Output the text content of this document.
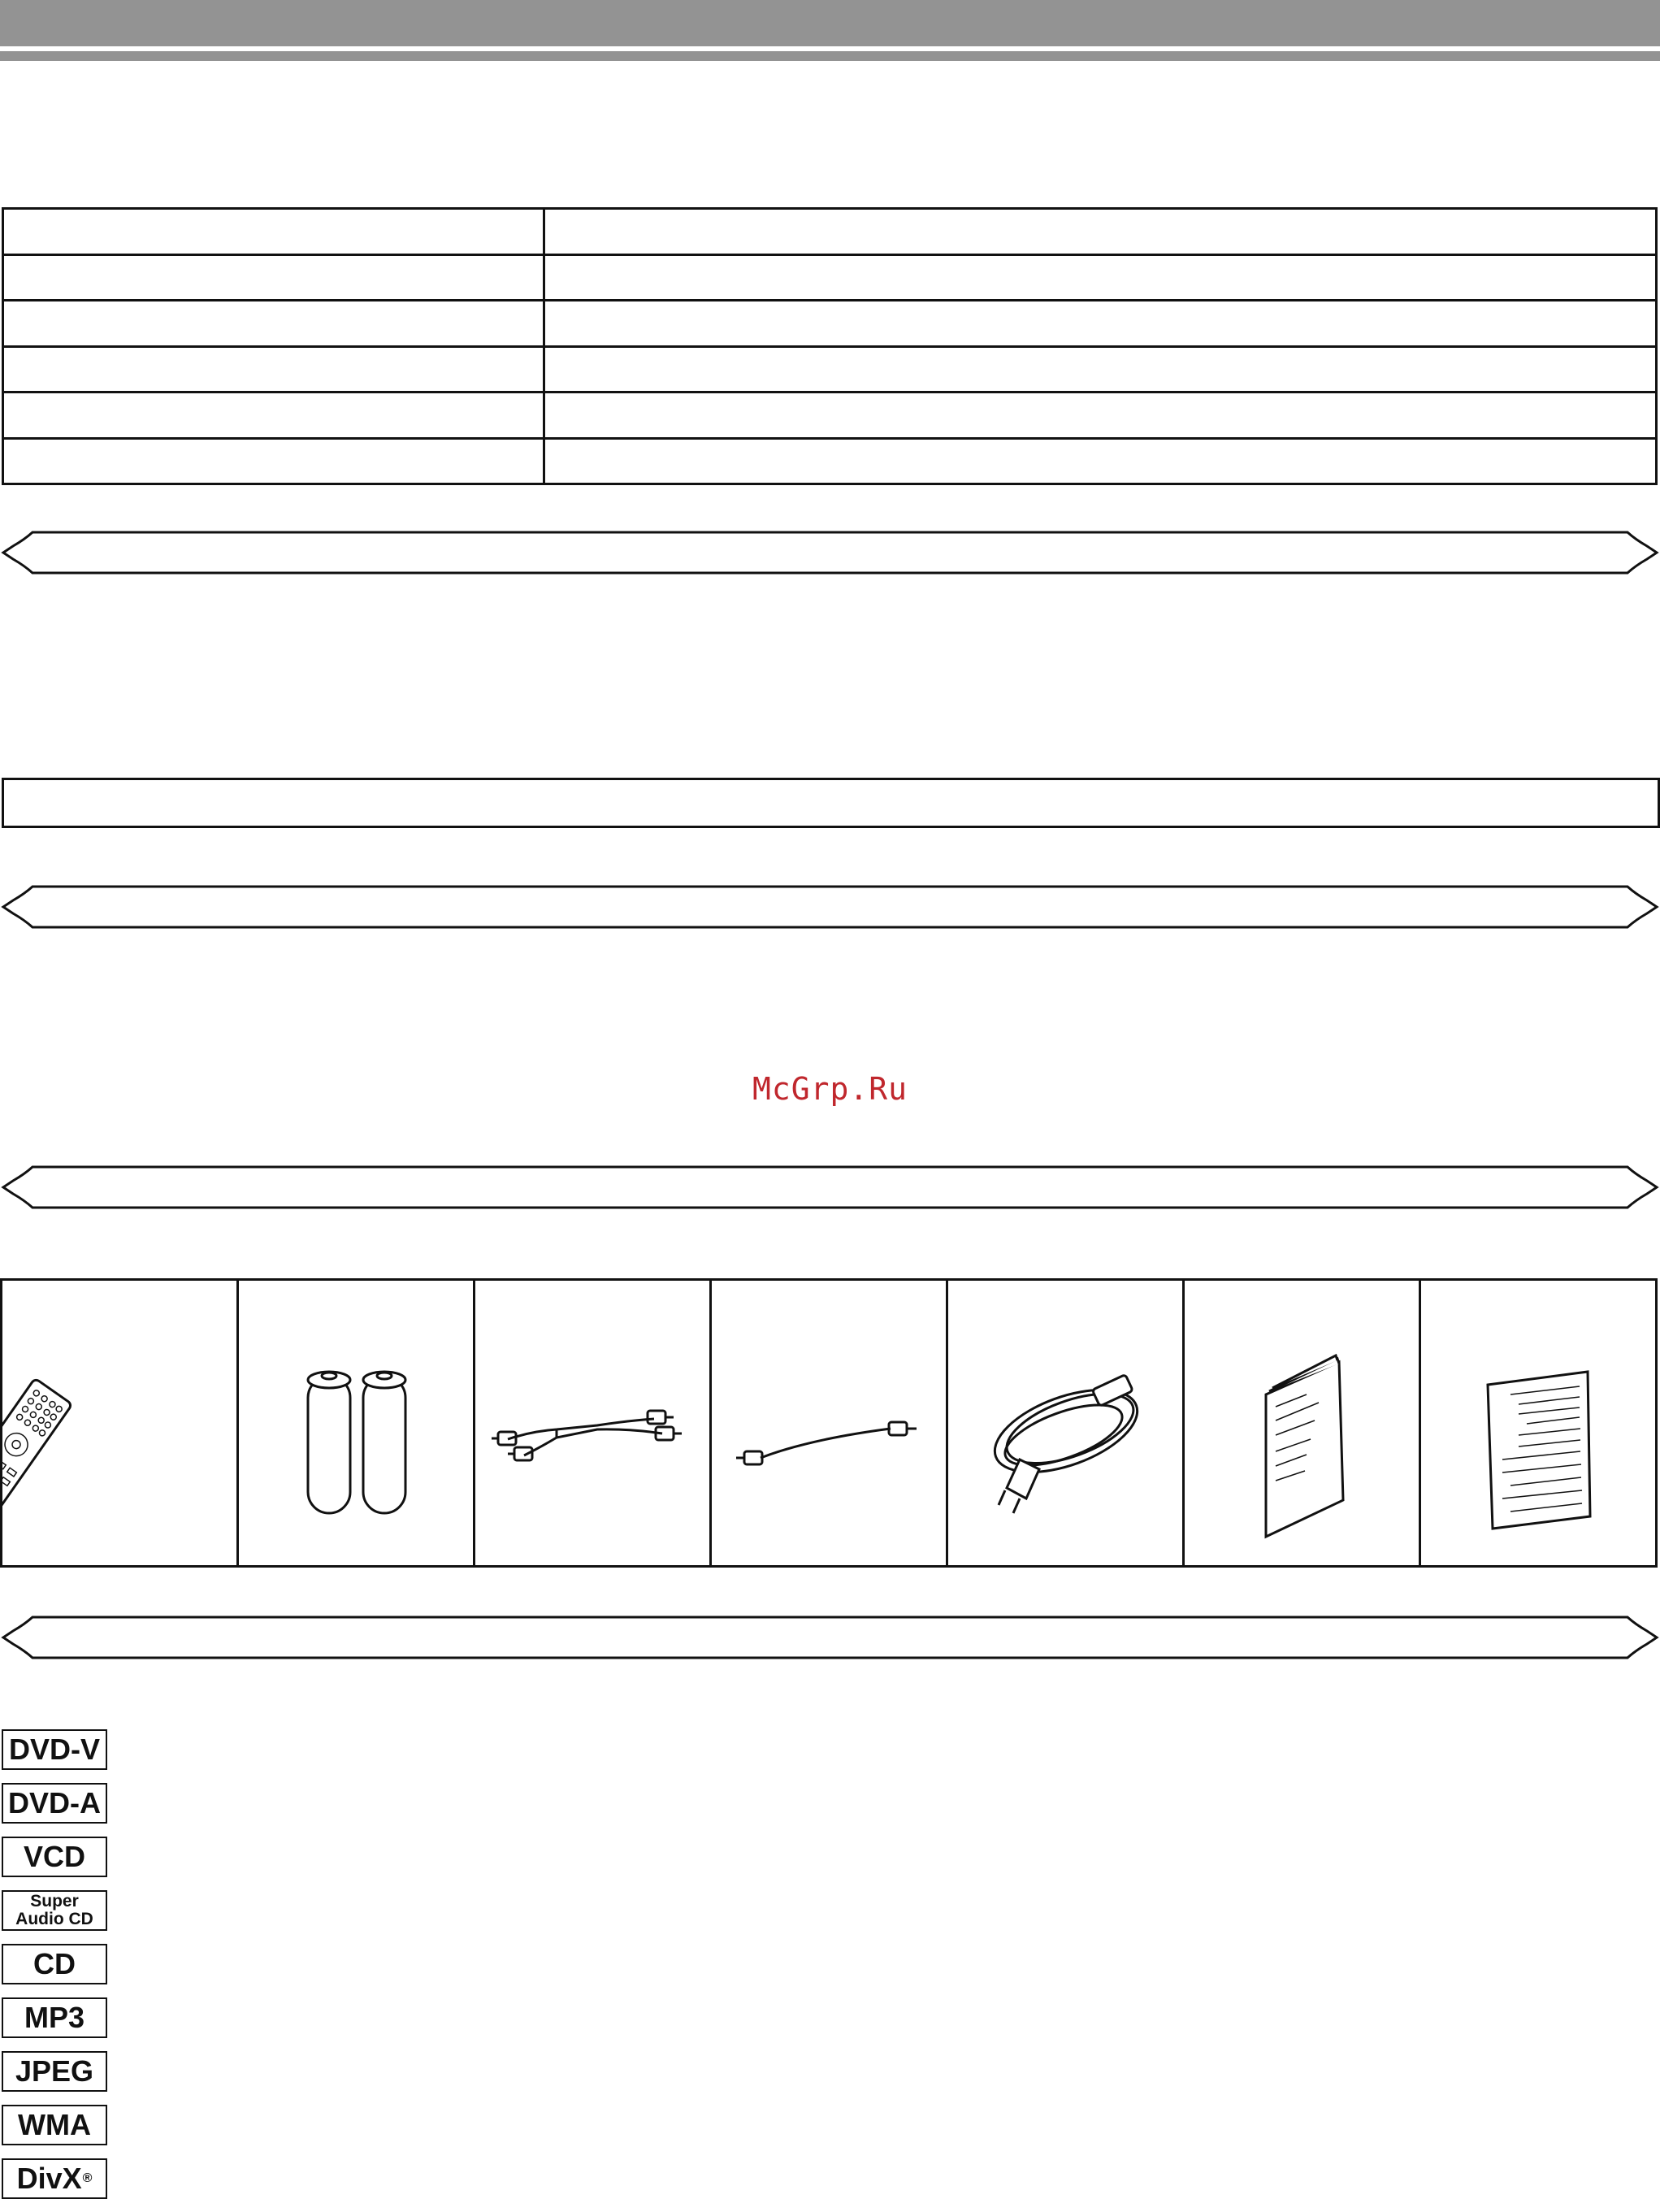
McGrp.Ru
DVD-V
DVD-A
VCD
Super
Audio CD
CD
MP3
JPEG
WMA
DivX ®
